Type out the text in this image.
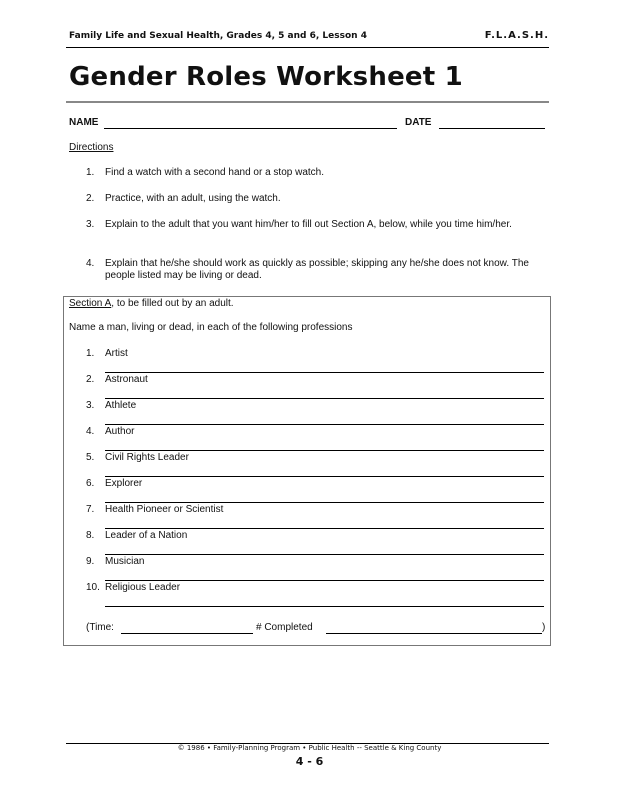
Family Life and Sexual Health, Grades 4, 5 and 6, Lesson 4	F.L.A.S.H.
Gender Roles Worksheet 1
NAME	DATE
Directions
1. Find a watch with a second hand or a stop watch.
2. Practice, with an adult, using the watch.
3. Explain to the adult that you want him/her to fill out Section A, below, while you time him/her.
4. Explain that he/she should work as quickly as possible; skipping any he/she does not know. The people listed may be living or dead.
Section A, to be filled out by an adult.
Name a man, living or dead, in each of the following professions
1. Artist
2. Astronaut
3. Athlete
4. Author
5. Civil Rights Leader
6. Explorer
7. Health Pioneer or Scientist
8. Leader of a Nation
9. Musician
10. Religious Leader
(Time:	# Completed	)
© 1986 • Family-Planning Program • Public Health -- Seattle & King County
4 - 6
